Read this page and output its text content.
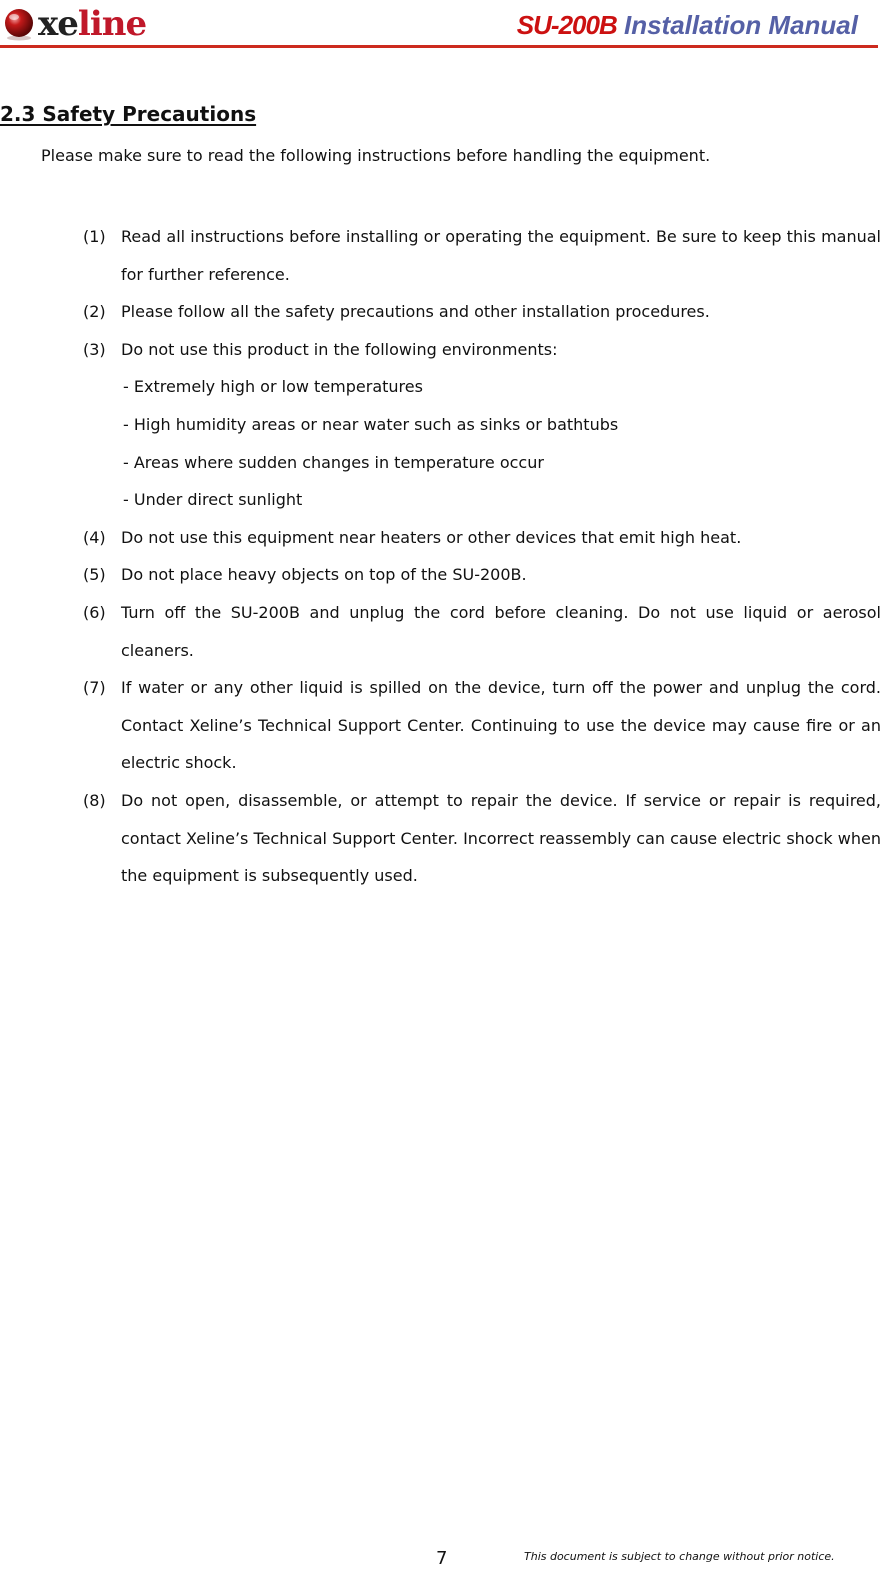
xeline	SU-200B Installation Manual
2.3 Safety Precautions
Please make sure to read the following instructions before handling the equipment.
(1) Read all instructions before installing or operating the equipment. Be sure to keep this manual for further reference.
(2) Please follow all the safety precautions and other installation procedures.
(3) Do not use this product in the following environments:
- Extremely high or low temperatures
- High humidity areas or near water such as sinks or bathtubs
- Areas where sudden changes in temperature occur
- Under direct sunlight
(4) Do not use this equipment near heaters or other devices that emit high heat.
(5) Do not place heavy objects on top of the SU-200B.
(6) Turn off the SU-200B and unplug the cord before cleaning. Do not use liquid or aerosol cleaners.
(7) If water or any other liquid is spilled on the device, turn off the power and unplug the cord. Contact Xeline’s Technical Support Center. Continuing to use the device may cause fire or an electric shock.
(8) Do not open, disassemble, or attempt to repair the device. If service or repair is required, contact Xeline’s Technical Support Center. Incorrect reassembly can cause electric shock when the equipment is subsequently used.
7	This document is subject to change without prior notice.
